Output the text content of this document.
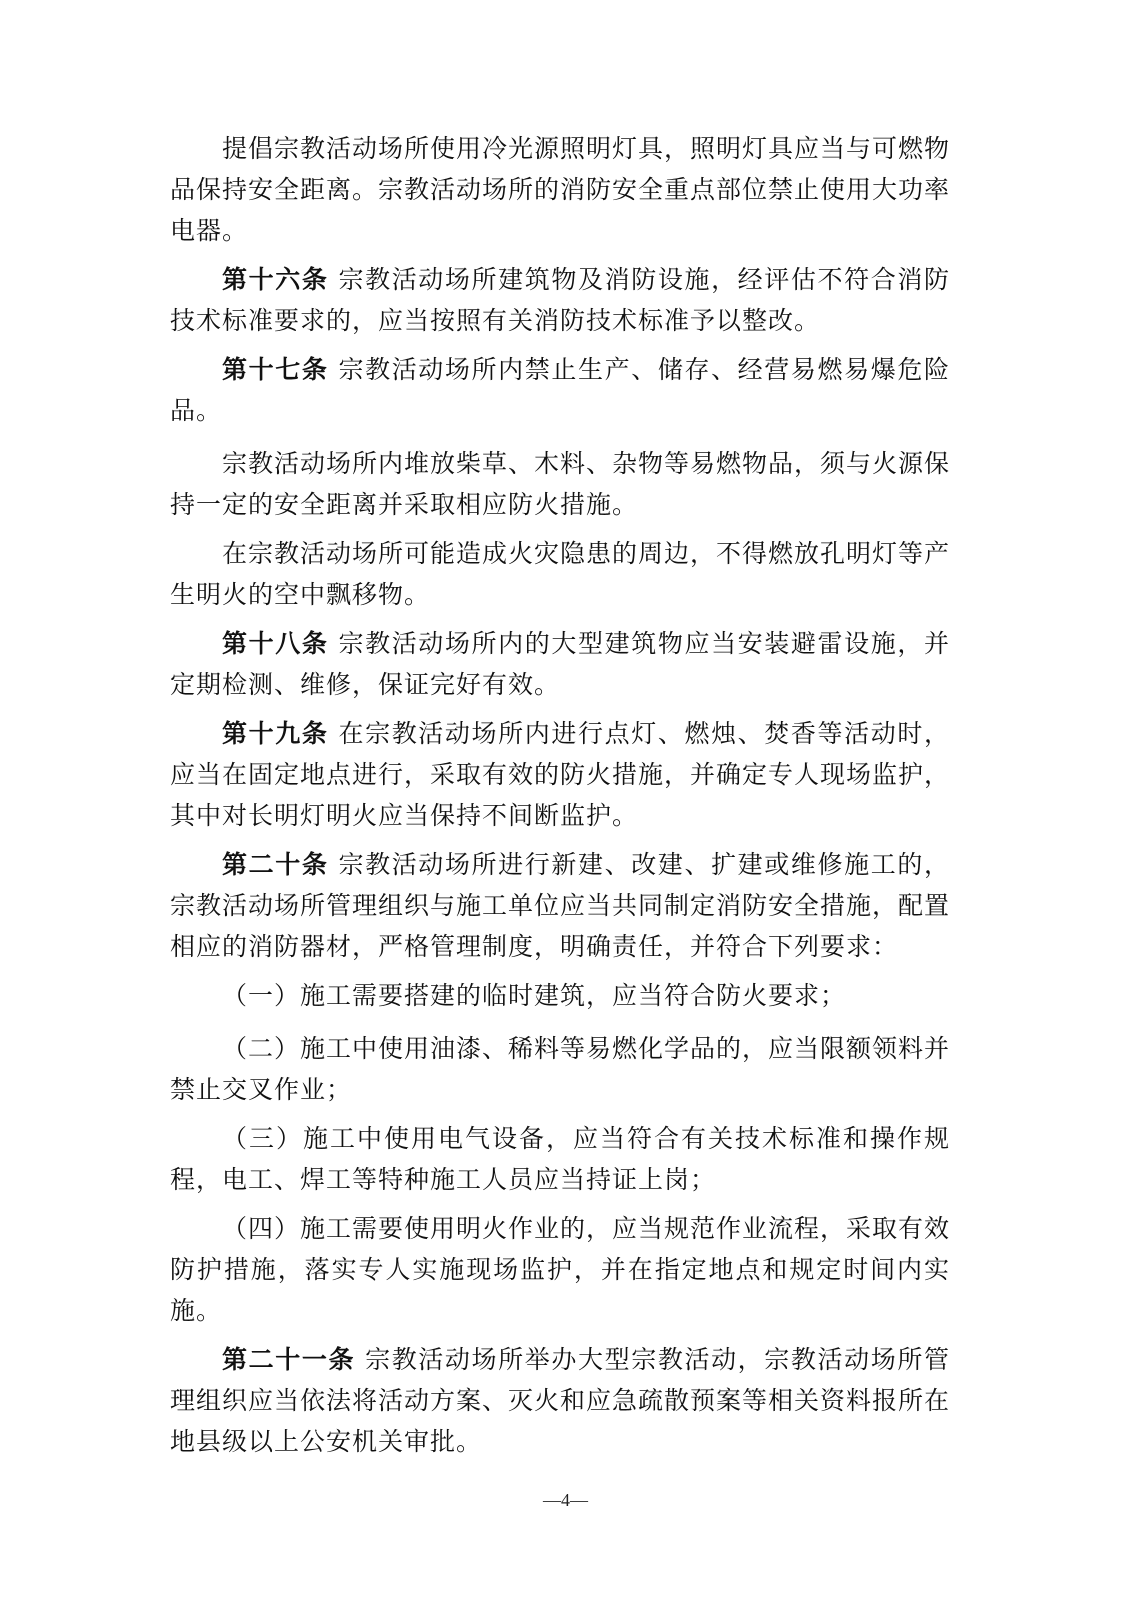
提倡宗教活动场所使用冷光源照明灯具，照明灯具应当与可燃物品保持安全距离。宗教活动场所的消防安全重点部位禁止使用大功率电器。

第十六条 宗教活动场所建筑物及消防设施，经评估不符合消防技术标准要求的，应当按照有关消防技术标准予以整改。

第十七条 宗教活动场所内禁止生产、储存、经营易燃易爆危险品。

宗教活动场所内堆放柴草、木料、杂物等易燃物品，须与火源保持一定的安全距离并采取相应防火措施。

在宗教活动场所可能造成火灾隐患的周边，不得燃放孔明灯等产生明火的空中飘移物。

第十八条 宗教活动场所内的大型建筑物应当安装避雷设施，并定期检测、维修，保证完好有效。

第十九条 在宗教活动场所内进行点灯、燃烛、焚香等活动时，应当在固定地点进行，采取有效的防火措施，并确定专人现场监护，其中对长明灯明火应当保持不间断监护。

第二十条 宗教活动场所进行新建、改建、扩建或维修施工的，宗教活动场所管理组织与施工单位应当共同制定消防安全措施，配置相应的消防器材，严格管理制度，明确责任，并符合下列要求：

（一）施工需要搭建的临时建筑，应当符合防火要求；

（二）施工中使用油漆、稀料等易燃化学品的，应当限额领料并禁止交叉作业；

（三）施工中使用电气设备，应当符合有关技术标准和操作规程，电工、焊工等特种施工人员应当持证上岗；

（四）施工需要使用明火作业的，应当规范作业流程，采取有效防护措施，落实专人实施现场监护，并在指定地点和规定时间内实施。

第二十一条 宗教活动场所举办大型宗教活动，宗教活动场所管理组织应当依法将活动方案、灭火和应急疏散预案等相关资料报所在地县级以上公安机关审批。

—4—
